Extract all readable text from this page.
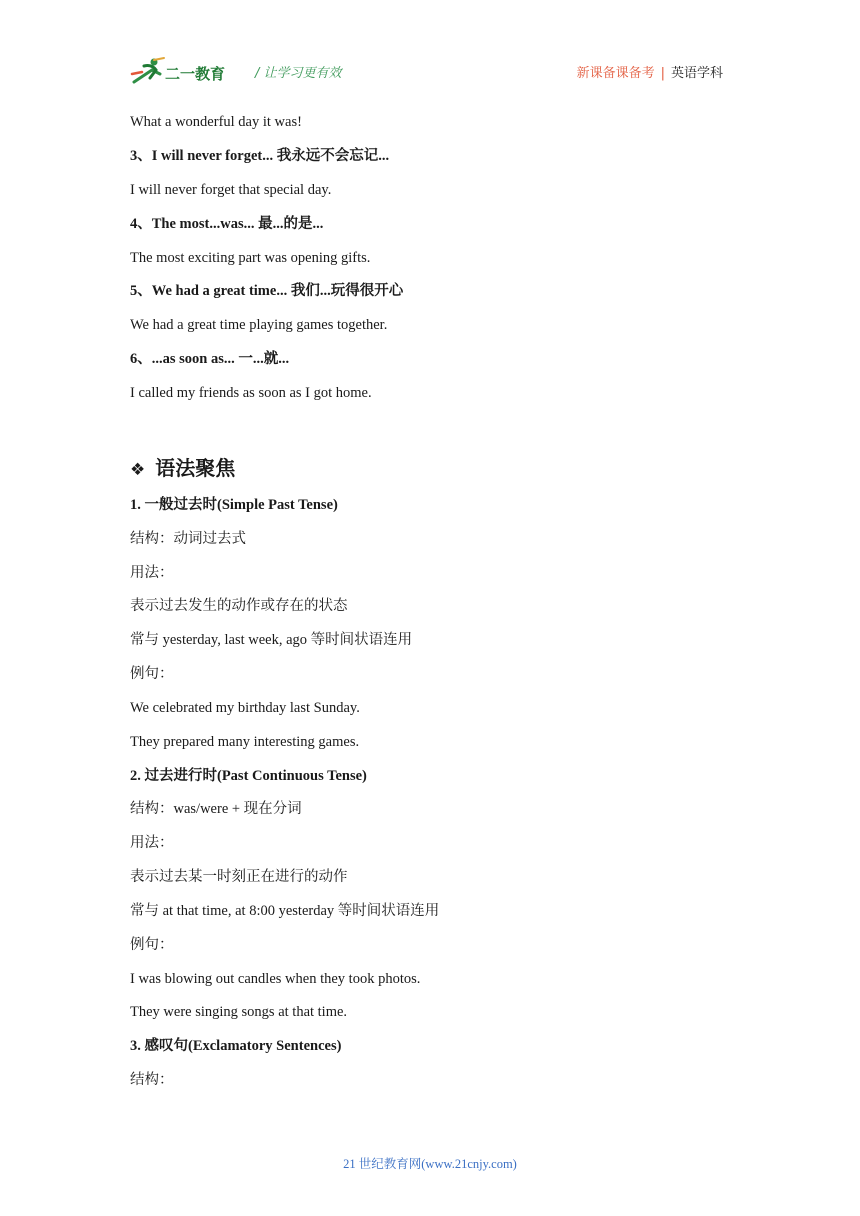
二一教育 / 让学习更有效	新课备课备考 | 英语学科
What a wonderful day it was!
3、I will never forget... 我永远不会忘记...
I will never forget that special day.
4、The most...was... 最...的是...
The most exciting part was opening gifts.
5、We had a great time... 我们...玩得很开心
We had a great time playing games together.
6、...as soon as... 一...就...
I called my friends as soon as I got home.
❖ 语法聚焦
1. 一般过去时(Simple Past Tense)
结构：动词过去式
用法：
表示过去发生的动作或存在的状态
常与 yesterday, last week, ago 等时间状语连用
例句：
We celebrated my birthday last Sunday.
They prepared many interesting games.
2. 过去进行时(Past Continuous Tense)
结构：was/were + 现在分词
用法：
表示过去某一时刻正在进行的动作
常与 at that time, at 8:00 yesterday 等时间状语连用
例句：
I was blowing out candles when they took photos.
They were singing songs at that time.
3. 感叹句(Exclamatory Sentences)
结构：
21 世纪教育网(www.21cnjy.com)
